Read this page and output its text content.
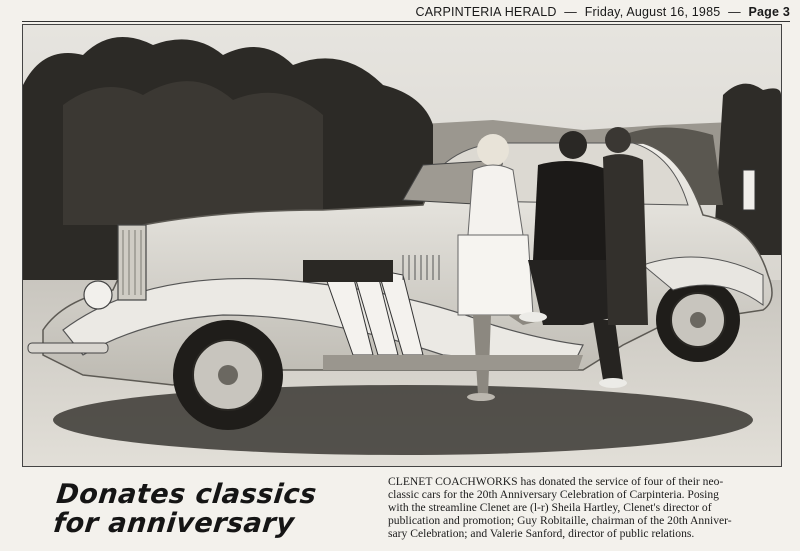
CARPINTERIA HERALD — Friday, August 16, 1985 — Page 3
Donates classics
for anniversary
CLENET COACHWORKS has donated the service of four of their neo-
classic cars for the 20th Anniversary Celebration of Carpinteria. Posing
with the streamline Clenet are (l-r) Sheila Hartley, Clenet's director of
publication and promotion; Guy Robitaille, chairman of the 20th Anniver-
sary Celebration; and Valerie Sanford, director of public relations.
